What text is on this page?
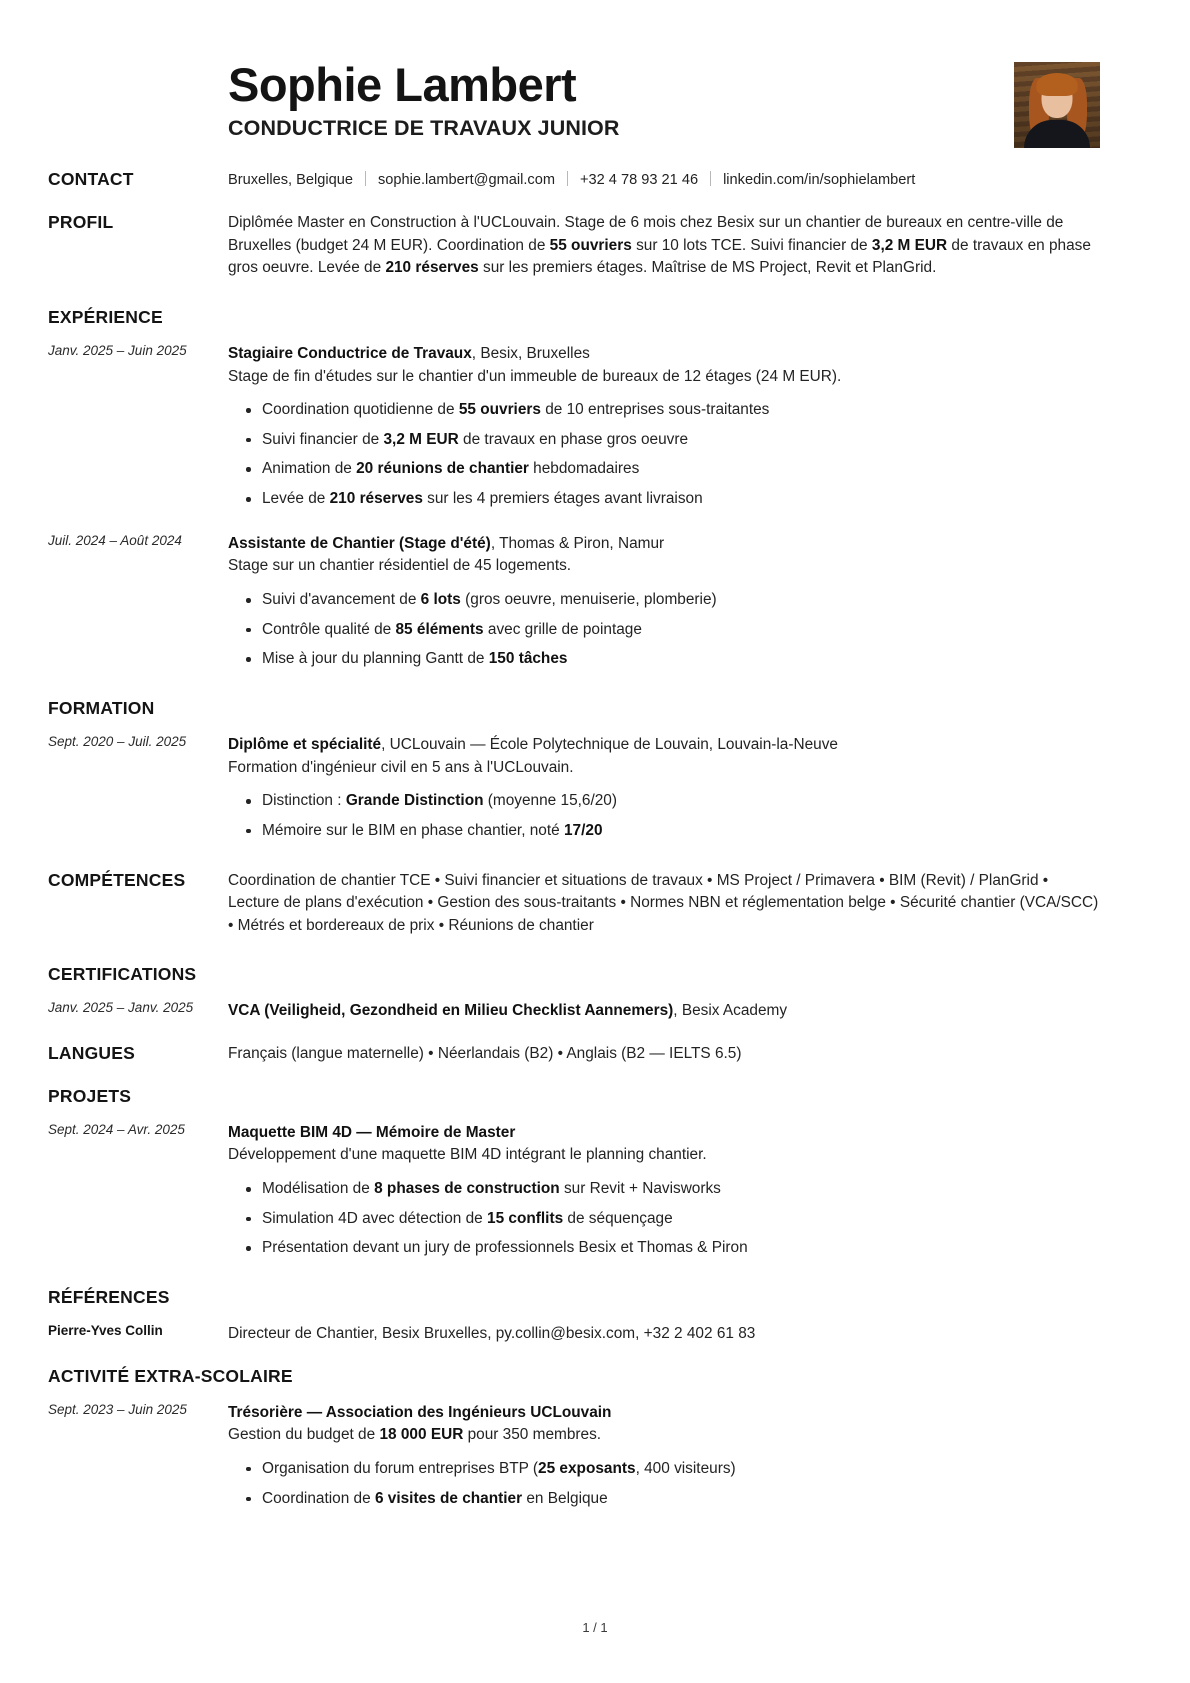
Sophie Lambert
CONDUCTRICE DE TRAVAUX JUNIOR
CONTACT	Bruxelles, Belgique sophie.lambert@gmail.com +32 4 78 93 21 46 linkedin.com/in/sophielambert
PROFIL	Diplômée Master en Construction à l'UCLouvain. Stage de 6 mois chez Besix sur un chantier de bureaux en centre-ville de Bruxelles (budget 24 M EUR). Coordination de 55 ouvriers sur 10 lots TCE. Suivi financier de 3,2 M EUR de travaux en phase gros oeuvre. Levée de 210 réserves sur les premiers étages. Maîtrise de MS Project, Revit et PlanGrid.
EXPÉRIENCE
Janv. 2025 – Juin 2025	Stagiaire Conductrice de Travaux, Besix, Bruxelles
Stage de fin d'études sur le chantier d'un immeuble de bureaux de 12 étages (24 M EUR).
Coordination quotidienne de 55 ouvriers de 10 entreprises sous-traitantes
Suivi financier de 3,2 M EUR de travaux en phase gros oeuvre
Animation de 20 réunions de chantier hebdomadaires
Levée de 210 réserves sur les 4 premiers étages avant livraison
Juil. 2024 – Août 2024	Assistante de Chantier (Stage d'été), Thomas & Piron, Namur
Stage sur un chantier résidentiel de 45 logements.
Suivi d'avancement de 6 lots (gros oeuvre, menuiserie, plomberie)
Contrôle qualité de 85 éléments avec grille de pointage
Mise à jour du planning Gantt de 150 tâches
FORMATION
Sept. 2020 – Juil. 2025	Diplôme et spécialité, UCLouvain — École Polytechnique de Louvain, Louvain-la-Neuve
Formation d'ingénieur civil en 5 ans à l'UCLouvain.
Distinction : Grande Distinction (moyenne 15,6/20)
Mémoire sur le BIM en phase chantier, noté 17/20
COMPÉTENCES	Coordination de chantier TCE • Suivi financier et situations de travaux • MS Project / Primavera • BIM (Revit) / PlanGrid • Lecture de plans d'exécution • Gestion des sous-traitants • Normes NBN et réglementation belge • Sécurité chantier (VCA/SCC) • Métrés et bordereaux de prix • Réunions de chantier
CERTIFICATIONS
Janv. 2025 – Janv. 2025	VCA (Veiligheid, Gezondheid en Milieu Checklist Aannemers), Besix Academy
LANGUES	Français (langue maternelle) • Néerlandais (B2) • Anglais (B2 — IELTS 6.5)
PROJETS
Sept. 2024 – Avr. 2025	Maquette BIM 4D — Mémoire de Master
Développement d'une maquette BIM 4D intégrant le planning chantier.
Modélisation de 8 phases de construction sur Revit + Navisworks
Simulation 4D avec détection de 15 conflits de séquençage
Présentation devant un jury de professionnels Besix et Thomas & Piron
RÉFÉRENCES
Pierre-Yves Collin	Directeur de Chantier, Besix Bruxelles, py.collin@besix.com, +32 2 402 61 83
ACTIVITÉ EXTRA-SCOLAIRE
Sept. 2023 – Juin 2025	Trésorière — Association des Ingénieurs UCLouvain
Gestion du budget de 18 000 EUR pour 350 membres.
Organisation du forum entreprises BTP (25 exposants, 400 visiteurs)
Coordination de 6 visites de chantier en Belgique
1 / 1
